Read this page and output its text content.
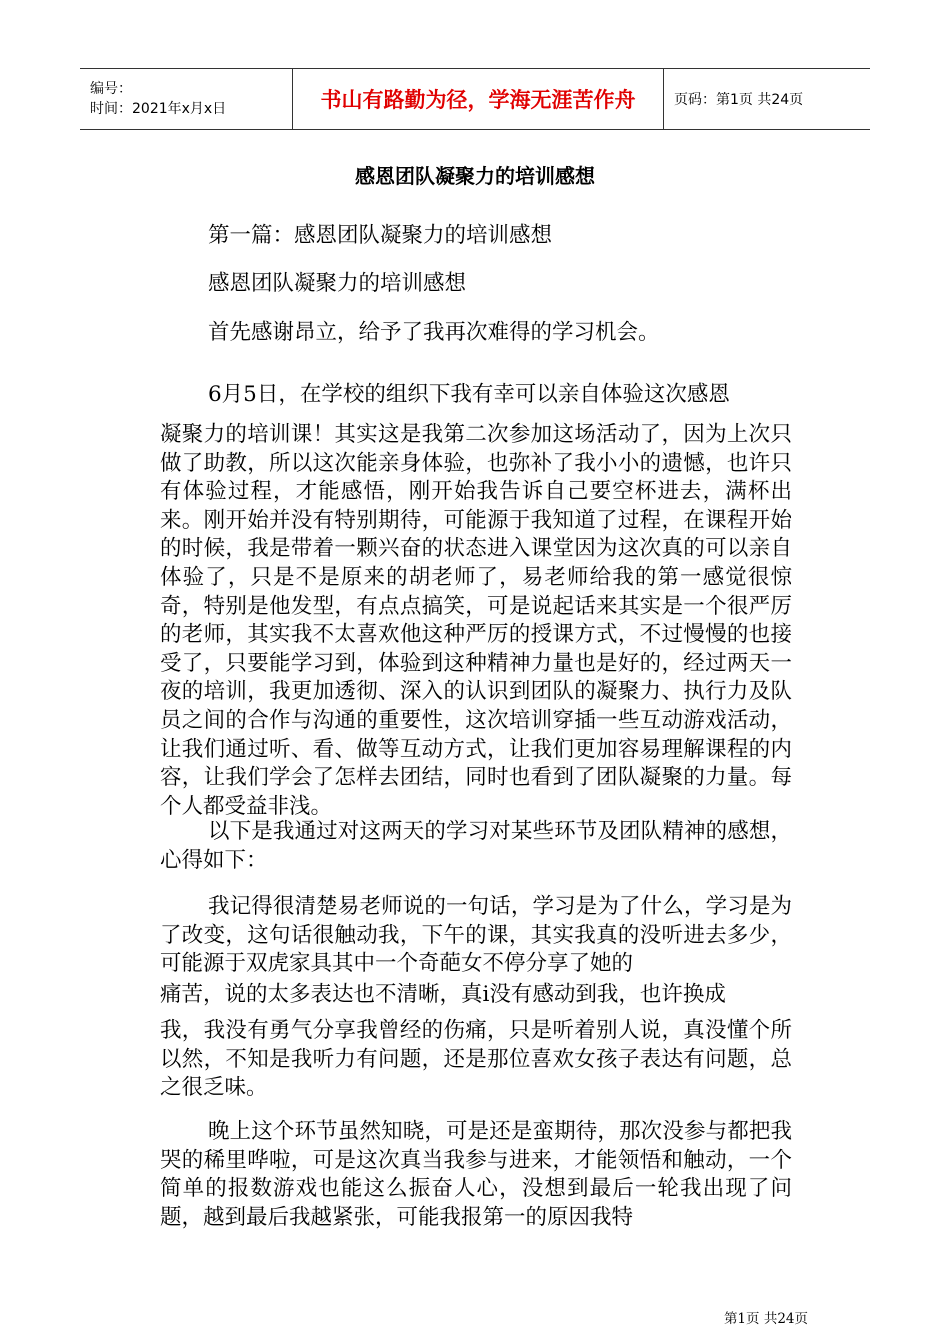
编号：
时间：2021年x月x日	书山有路勤为径，学海无涯苦作舟	页码：第1页 共24页
感恩团队凝聚力的培训感想

第一篇：感恩团队凝聚力的培训感想

感恩团队凝聚力的培训感想

首先感谢昂立，给予了我再次难得的学习机会。

6月5日，在学校的组织下我有幸可以亲自体验这次感恩

凝聚力的培训课！其实这是我第二次参加这场活动了，因为上次只做了助教，所以这次能亲身体验，也弥补了我小小的遗憾，也许只有体验过程，才能感悟，刚开始我告诉自己要空杯进去，满杯出来。刚开始并没有特别期待，可能源于我知道了过程，在课程开始的时候，我是带着一颗兴奋的状态进入课堂因为这次真的可以亲自体验了，只是不是原来的胡老师了，易老师给我的第一感觉很惊奇，特别是他发型，有点点搞笑，可是说起话来其实是一个很严厉的老师，其实我不太喜欢他这种严厉的授课方式，不过慢慢的也接受了，只要能学习到，体验到这种精神力量也是好的，经过两天一夜的培训，我更加透彻、深入的认识到团队的凝聚力、执行力及队员之间的合作与沟通的重要性，这次培训穿插一些互动游戏活动，让我们通过听、看、做等互动方式，让我们更加容易理解课程的内容，让我们学会了怎样去团结，同时也看到了团队凝聚的力量。每个人都受益非浅。

以下是我通过对这两天的学习对某些环节及团队精神的感想，心得如下：

我记得很清楚易老师说的一句话，学习是为了什么，学习是为了改变，这句话很触动我，下午的课，其实我真的没听进去多少，可能源于双虎家具其中一个奇葩女不停分享了她的

痛苦，说的太多表达也不清晰，真i没有感动到我，也许换成

我，我没有勇气分享我曾经的伤痛，只是听着别人说，真没懂个所以然，不知是我听力有问题，还是那位喜欢女孩子表达有问题，总之很乏味。

晚上这个环节虽然知晓，可是还是蛮期待，那次没参与都把我哭的稀里哗啦，可是这次真当我参与进来，才能领悟和触动，一个简单的报数游戏也能这么振奋人心，没想到最后一轮我出现了问题，越到最后我越紧张，可能我报第一的原因我特

第1页 共24页
